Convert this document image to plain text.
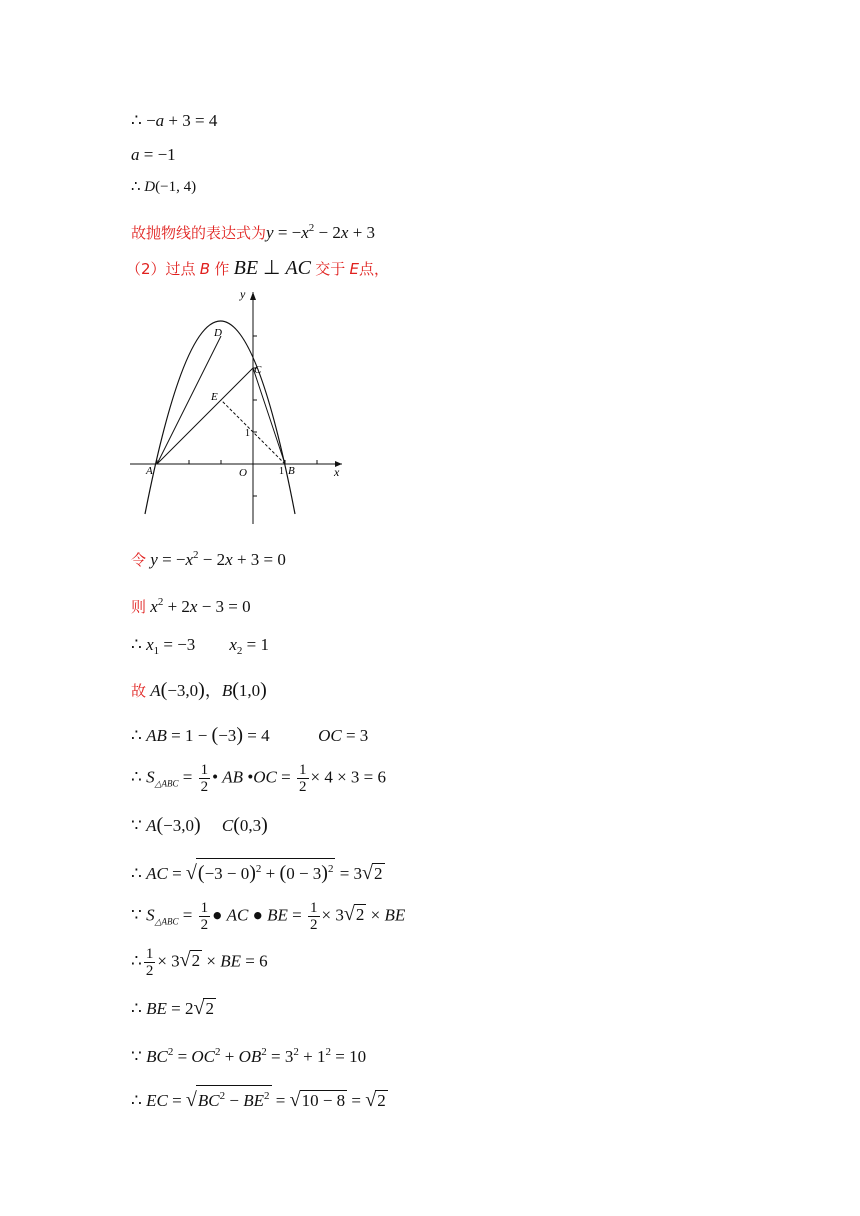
∴ −a + 3 = 4
a = −1
∴ D(−1, 4)
故抛物线的表达式为$y = -x^2 - 2x + 3$
（2）过点 B 作 BE ⊥ AC 交于 E点，
y
x
O
A	B
1
C
D
E
1
令 $y = -x^2 - 2x + 3 = 0$
则 $x^2 + 2x - 3 = 0$
∴ $x_1 = -3$        $x_2 = 1$
故 A(−3,0)，B(1,0)
∴ AB = 1 − (−3) = 4	OC = 3
∴ $S_{\triangle ABC} = \frac{1}{2}$ • AB •OC = $\frac{1}{2} \times 4 \times 3 = 6$
∵ A(−3,0) C(0,3)
∴ AC = $√(-3 - 0)^2 + (0 - 3)^2 = 3√2$
∵ $S_{\triangle ABC} = \frac{1}{2}$ ● AC ● BE = $\frac{1}{2} \times 3√2$ × BE
∴ $\frac{1}{2} \times 3√2$ × BE = 6
∴ BE = 2√2
∵ $BC^2 = OC^2 + OB^2 = 3^2 + 1^2 = 10$
∴ EC = $√BC^2 - BE^2 = √10 - 8 = √2$
